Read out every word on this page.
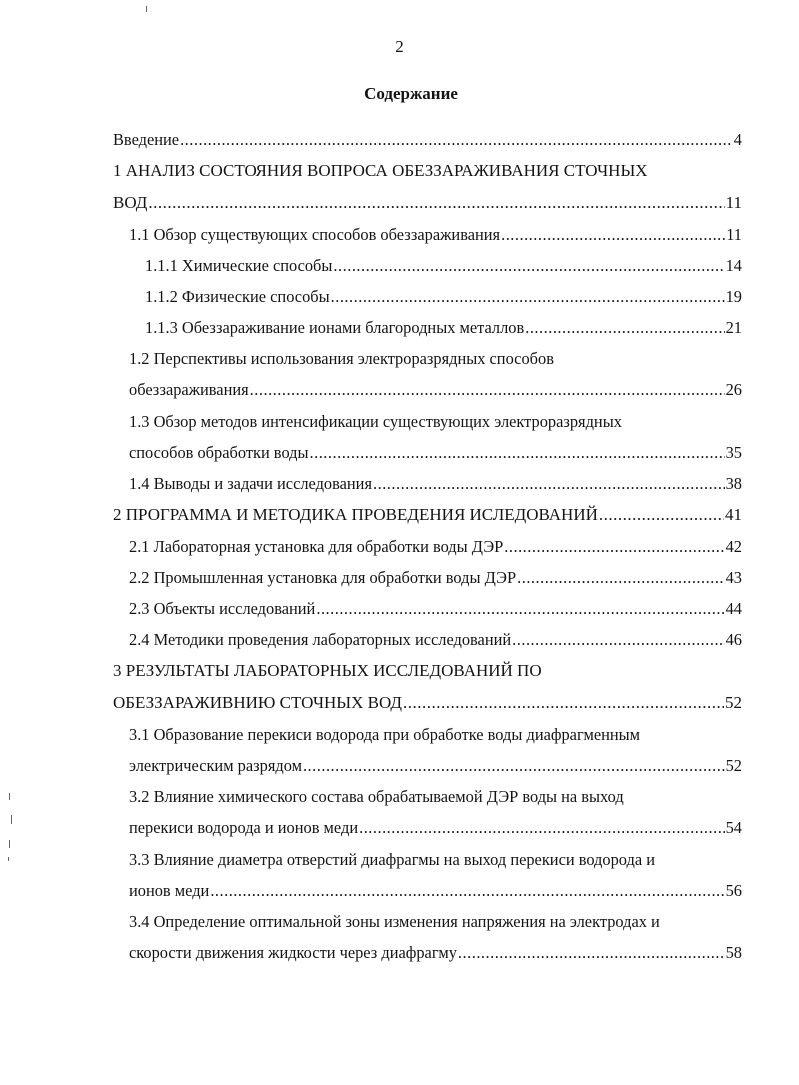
2
Содержание
Введение .....	4
1 АНАЛИЗ СОСТОЯНИЯ ВОПРОСА ОБЕЗЗАРАЖИВАНИЯ СТОЧНЫХ
ВОД .....	11
1.1 Обзор существующих способов обеззараживания .....	11
1.1.1 Химические способы .....	14
1.1.2 Физические способы .....	19
1.1.3 Обеззараживание ионами благородных металлов .....	21
1.2 Перспективы использования электроразрядных способов
обеззараживания .....	26
1.3 Обзор методов интенсификации существующих электроразрядных
способов обработки воды .....	35
1.4 Выводы и задачи исследования .....	38
2 ПРОГРАММА И МЕТОДИКА ПРОВЕДЕНИЯ ИСЛЕДОВАНИЙ .....	41
2.1 Лабораторная установка для обработки воды ДЭР .....	42
2.2 Промышленная установка для обработки воды ДЭР .....	43
2.3 Объекты исследований .....	44
2.4 Методики проведения лабораторных исследований .....	46
3 РЕЗУЛЬТАТЫ ЛАБОРАТОРНЫХ ИССЛЕДОВАНИЙ ПО
ОБЕЗЗАРАЖИВНИЮ СТОЧНЫХ ВОД .....	52
3.1 Образование перекиси водорода при обработке воды диафрагменным
электрическим разрядом .....	52
3.2 Влияние химического состава обрабатываемой ДЭР воды на выход
перекиси водорода и ионов меди .....	54
3.3 Влияние диаметра отверстий диафрагмы на выход перекиси водорода и
ионов меди .....	56
3.4 Определение оптимальной зоны изменения напряжения на электродах и
скорости движения жидкости через диафрагму .....	58
